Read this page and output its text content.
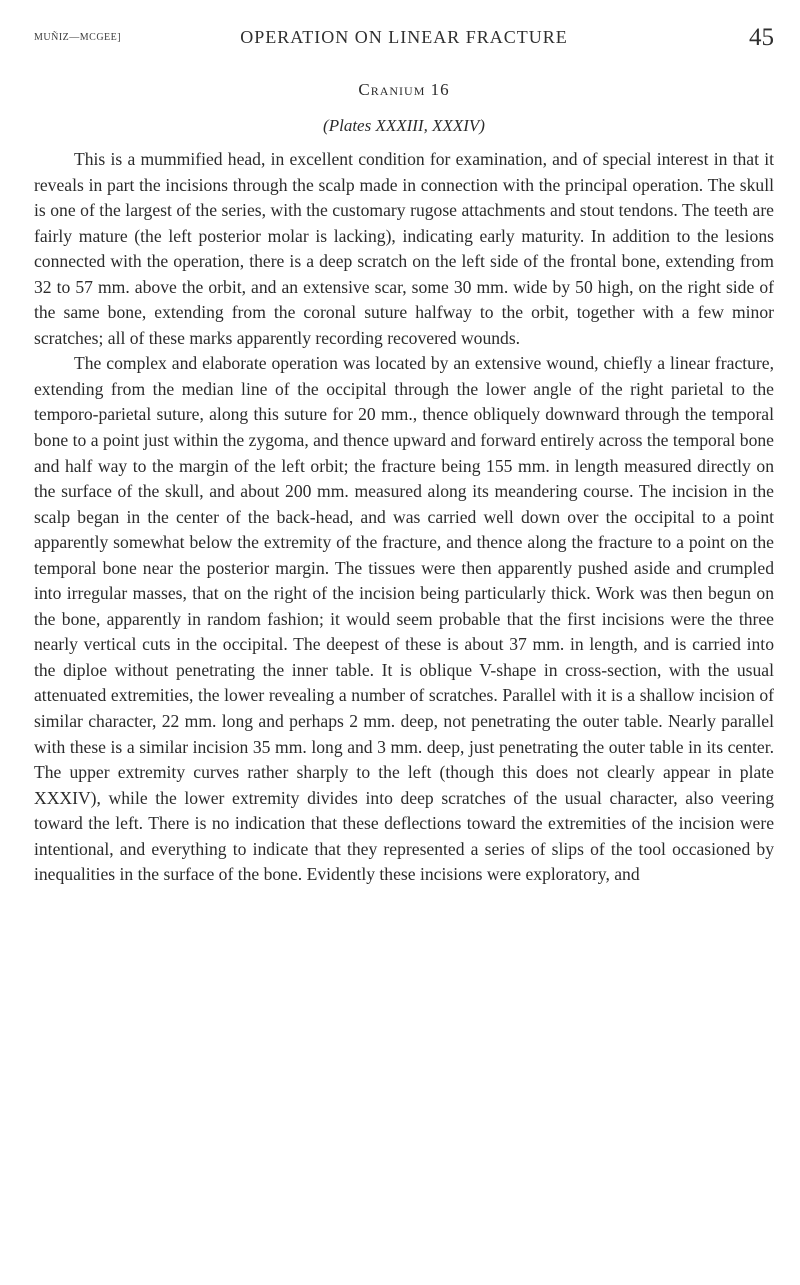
MUÑIZ—MCGEE]	OPERATION ON LINEAR FRACTURE	45
Cranium 16
(Plates XXXIII, XXXIV)

This is a mummified head, in excellent condition for examination, and of special interest in that it reveals in part the incisions through the scalp made in connection with the principal operation. The skull is one of the largest of the series, with the customary rugose attachments and stout tendons. The teeth are fairly mature (the left posterior molar is lacking), indicating early maturity. In addition to the lesions connected with the operation, there is a deep scratch on the left side of the frontal bone, extending from 32 to 57 mm. above the orbit, and an extensive scar, some 30 mm. wide by 50 high, on the right side of the same bone, extending from the coronal suture halfway to the orbit, together with a few minor scratches; all of these marks apparently recording recovered wounds.

The complex and elaborate operation was located by an extensive wound, chiefly a linear fracture, extending from the median line of the occipital through the lower angle of the right parietal to the temporo-parietal suture, along this suture for 20 mm., thence obliquely downward through the temporal bone to a point just within the zygoma, and thence upward and forward entirely across the temporal bone and half way to the margin of the left orbit; the fracture being 155 mm. in length measured directly on the surface of the skull, and about 200 mm. measured along its meandering course. The incision in the scalp began in the center of the back-head, and was carried well down over the occipital to a point apparently somewhat below the extremity of the fracture, and thence along the fracture to a point on the temporal bone near the posterior margin. The tissues were then apparently pushed aside and crumpled into irregular masses, that on the right of the incision being particularly thick. Work was then begun on the bone, apparently in random fashion; it would seem probable that the first incisions were the three nearly vertical cuts in the occipital. The deepest of these is about 37 mm. in length, and is carried into the diploe without penetrating the inner table. It is oblique V-shape in cross-section, with the usual attenuated extremities, the lower revealing a number of scratches. Parallel with it is a shallow incision of similar character, 22 mm. long and perhaps 2 mm. deep, not penetrating the outer table. Nearly parallel with these is a similar incision 35 mm. long and 3 mm. deep, just penetrating the outer table in its center. The upper extremity curves rather sharply to the left (though this does not clearly appear in plate XXXIV), while the lower extremity divides into deep scratches of the usual character, also veering toward the left. There is no indication that these deflections toward the extremities of the incision were intentional, and everything to indicate that they represented a series of slips of the tool occasioned by inequalities in the surface of the bone. Evidently these incisions were exploratory, and
